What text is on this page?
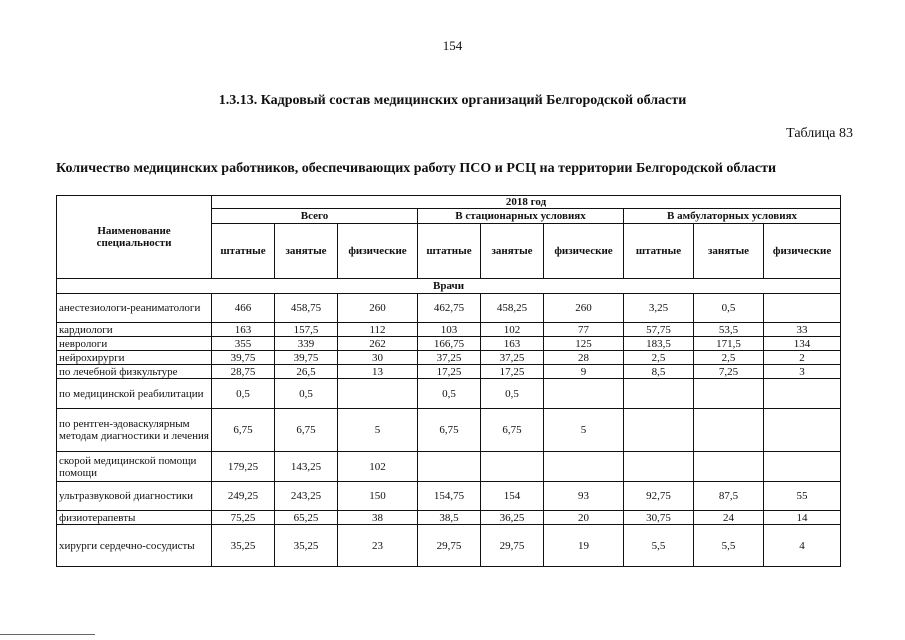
154
1.3.13. Кадровый состав медицинских организаций Белгородской области
Таблица 83
Количество медицинских работников, обеспечивающих работу ПСО и РСЦ на территории Белгородской области
Наименование специальности	2018 год								
	Всего			В стационарных условиях			В амбулаторных условиях		
	штатные	занятые	физические	штатные	занятые	физические	штатные	занятые	физические
Врачи									
анестезиологи-реаниматологи	466	458,75	260	462,75	458,25	260	3,25	0,5	
кардиологи	163	157,5	112	103	102	77	57,75	53,5	33
неврологи	355	339	262	166,75	163	125	183,5	171,5	134
нейрохирурги	39,75	39,75	30	37,25	37,25	28	2,5	2,5	2
по лечебной физкультуре	28,75	26,5	13	17,25	17,25	9	8,5	7,25	3
по медицинской реабилитации	0,5	0,5		0,5	0,5				
по рентген-эдоваскулярным методам диагностики и лечения	6,75	6,75	5	6,75	6,75	5			
скорой медицинской помощи помощи	179,25	143,25	102						
ультразвуковой диагностики	249,25	243,25	150	154,75	154	93	92,75	87,5	55
физиотерапевты	75,25	65,25	38	38,5	36,25	20	30,75	24	14
хирурги сердечно-сосудисты	35,25	35,25	23	29,75	29,75	19	5,5	5,5	4
